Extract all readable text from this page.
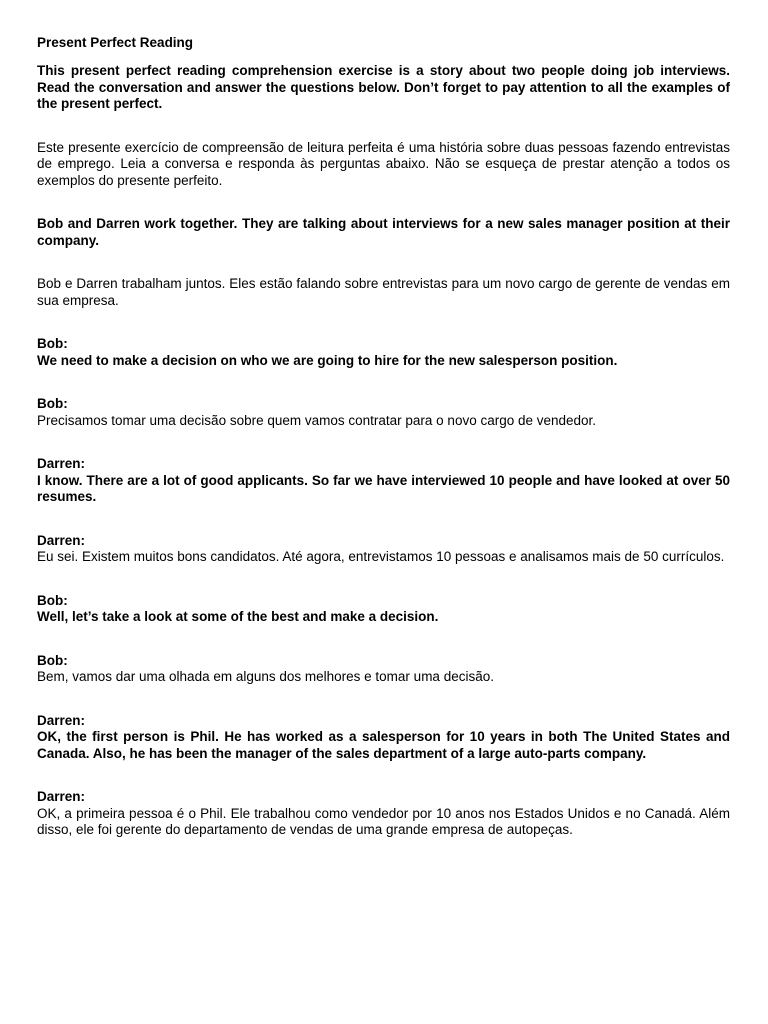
Present Perfect Reading

This present perfect reading comprehension exercise is a story about two people doing job interviews. Read the conversation and answer the questions below. Don’t forget to pay attention to all the examples of the present perfect.

Este presente exercício de compreensão de leitura perfeita é uma história sobre duas pessoas fazendo entrevistas de emprego. Leia a conversa e responda às perguntas abaixo. Não se esqueça de prestar atenção a todos os exemplos do presente perfeito.

Bob and Darren work together. They are talking about interviews for a new sales manager position at their company.

Bob e Darren trabalham juntos. Eles estão falando sobre entrevistas para um novo cargo de gerente de vendas em sua empresa.

Bob:

We need to make a decision on who we are going to hire for the new salesperson position.

Bob:

Precisamos tomar uma decisão sobre quem vamos contratar para o novo cargo de vendedor.

Darren:

I know. There are a lot of good applicants. So far we have interviewed 10 people and have looked at over 50 resumes.

Darren:

Eu sei. Existem muitos bons candidatos. Até agora, entrevistamos 10 pessoas e analisamos mais de 50 currículos.

Bob:

Well, let’s take a look at some of the best and make a decision.

Bob:

Bem, vamos dar uma olhada em alguns dos melhores e tomar uma decisão.

Darren:

OK, the first person is Phil. He has worked as a salesperson for 10 years in both The United States and Canada. Also, he has been the manager of the sales department of a large auto-parts company.

Darren:

OK, a primeira pessoa é o Phil. Ele trabalhou como vendedor por 10 anos nos Estados Unidos e no Canadá. Além disso, ele foi gerente do departamento de vendas de uma grande empresa de autopeças.
